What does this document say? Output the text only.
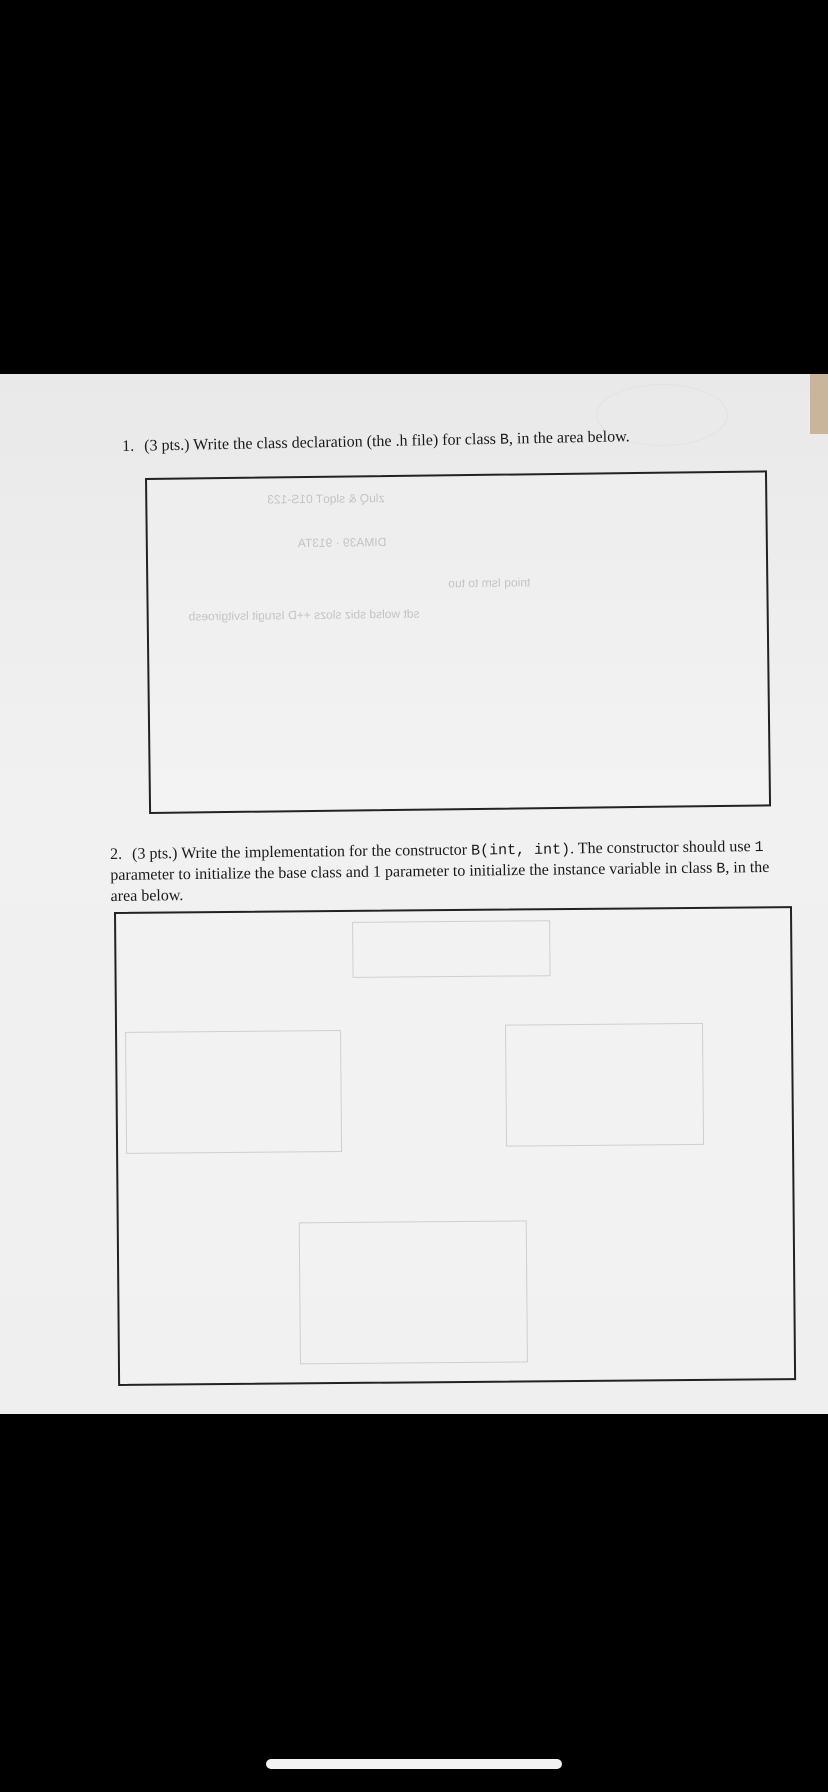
1. (3 pts.) Write the class declaration (the .h file) for class B, in the area below.
zluQ & slqoT 01S-123
DIMA39 · 913TA
tnioq Ism to tuo
sdt wolsd sbiz slozs ++D Isrugit lsvitgiroesb
2. (3 pts.) Write the implementation for the constructor B(int, int). The constructor should use 1 parameter to initialize the base class and 1 parameter to initialize the instance variable in class B, in the area below.
